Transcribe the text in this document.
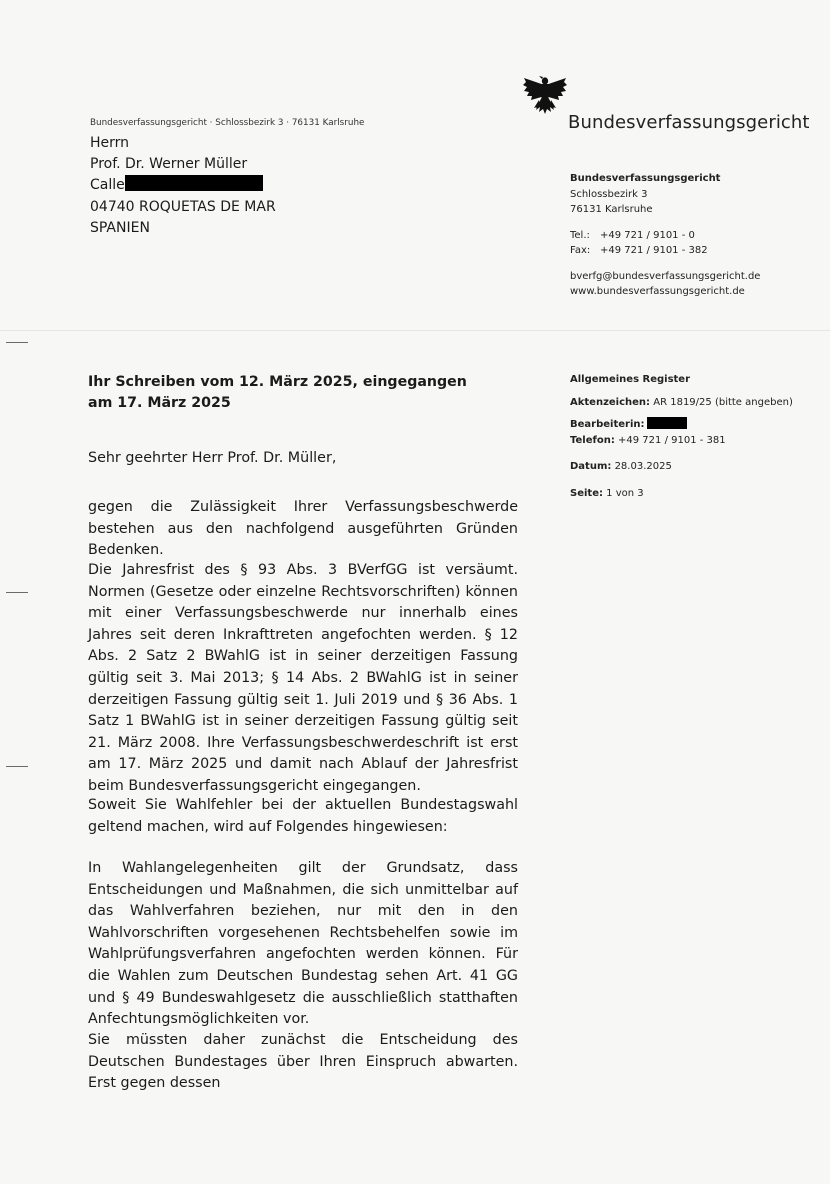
Bundesverfassungsgericht
Bundesverfassungsgericht · Schlossbezirk 3 · 76131 Karlsruhe
Herrn
Prof. Dr. Werner Müller
Calle
04740 ROQUETAS DE MAR
SPANIEN
Bundesverfassungsgericht
Schlossbezirk 3
76131 Karlsruhe
Tel.: +49 721 / 9101 - 0
Fax: +49 721 / 9101 - 382
bverfg@bundesverfassungsgericht.de
www.bundesverfassungsgericht.de
Allgemeines Register
Aktenzeichen: AR 1819/25 (bitte angeben)
Bearbeiterin:
Telefon: +49 721 / 9101 - 381
Datum: 28.03.2025
Seite: 1 von 3
Ihr Schreiben vom 12. März 2025, eingegangen am 17. März 2025
Sehr geehrter Herr Prof. Dr. Müller,

gegen die Zulässigkeit Ihrer Verfassungsbeschwerde bestehen aus den nachfolgend ausgeführten Gründen Bedenken.

Die Jahresfrist des § 93 Abs. 3 BVerfGG ist versäumt. Normen (Gesetze oder einzelne Rechtsvorschriften) können mit einer Verfassungsbeschwerde nur innerhalb eines Jahres seit deren Inkrafttreten angefochten werden. § 12 Abs. 2 Satz 2 BWahlG ist in seiner derzeitigen Fassung gültig seit 3. Mai 2013; § 14 Abs. 2 BWahlG ist in seiner derzeitigen Fassung gültig seit 1. Juli 2019 und § 36 Abs. 1 Satz 1 BWahlG ist in seiner derzeitigen Fassung gültig seit 21. März 2008. Ihre Verfassungsbeschwerdeschrift ist erst am 17. März 2025 und damit nach Ablauf der Jahresfrist beim Bundesverfassungsgericht eingegangen.

Soweit Sie Wahlfehler bei der aktuellen Bundestagswahl geltend machen, wird auf Folgendes hingewiesen:

In Wahlangelegenheiten gilt der Grundsatz, dass Entscheidungen und Maßnahmen, die sich unmittelbar auf das Wahlverfahren beziehen, nur mit den in den Wahlvorschriften vorgesehenen Rechtsbehelfen sowie im Wahlprüfungsverfahren angefochten werden können. Für die Wahlen zum Deutschen Bundestag sehen Art. 41 GG und § 49 Bundeswahlgesetz die ausschließlich statthaften Anfechtungsmöglichkeiten vor.

Sie müssten daher zunächst die Entscheidung des Deutschen Bundestages über Ihren Einspruch abwarten. Erst gegen dessen
